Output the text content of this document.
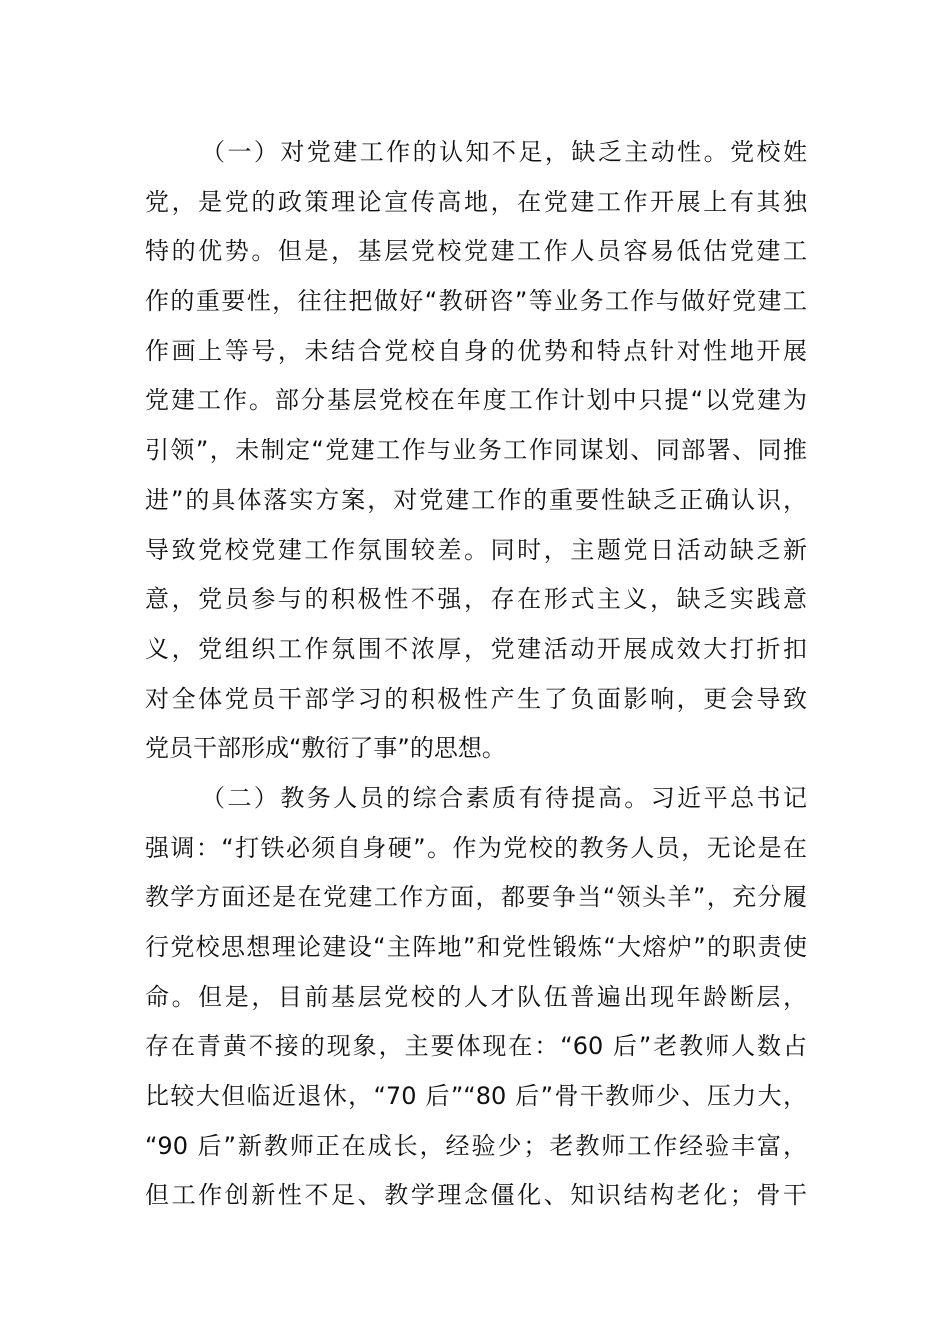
（一）对党建工作的认知不足，缺乏主动性。党校姓
党，是党的政策理论宣传高地，在党建工作开展上有其独
特的优势。但是，基层党校党建工作人员容易低估党建工
作的重要性，往往把做好“教研咨”等业务工作与做好党建工
作画上等号，未结合党校自身的优势和特点针对性地开展
党建工作。部分基层党校在年度工作计划中只提“以党建为
引领”，未制定“党建工作与业务工作同谋划、同部署、同推
进”的具体落实方案，对党建工作的重要性缺乏正确认识，
导致党校党建工作氛围较差。同时，主题党日活动缺乏新
意，党员参与的积极性不强，存在形式主义，缺乏实践意
义，党组织工作氛围不浓厚，党建活动开展成效大打折扣
对全体党员干部学习的积极性产生了负面影响，更会导致
党员干部形成“敷衍了事”的思想。

（二）教务人员的综合素质有待提高。习近平总书记
强调：“打铁必须自身硬”。作为党校的教务人员，无论是在
教学方面还是在党建工作方面，都要争当“领头羊”，充分履
行党校思想理论建设“主阵地”和党性锻炼“大熔炉”的职责使
命。但是，目前基层党校的人才队伍普遍出现年龄断层，
存在青黄不接的现象，主要体现在：“60 后”老教师人数占
比较大但临近退休，“70 后”“80 后”骨干教师少、压力大，
“90 后”新教师正在成长，经验少；老教师工作经验丰富，
但工作创新性不足、教学理念僵化、知识结构老化；骨干
